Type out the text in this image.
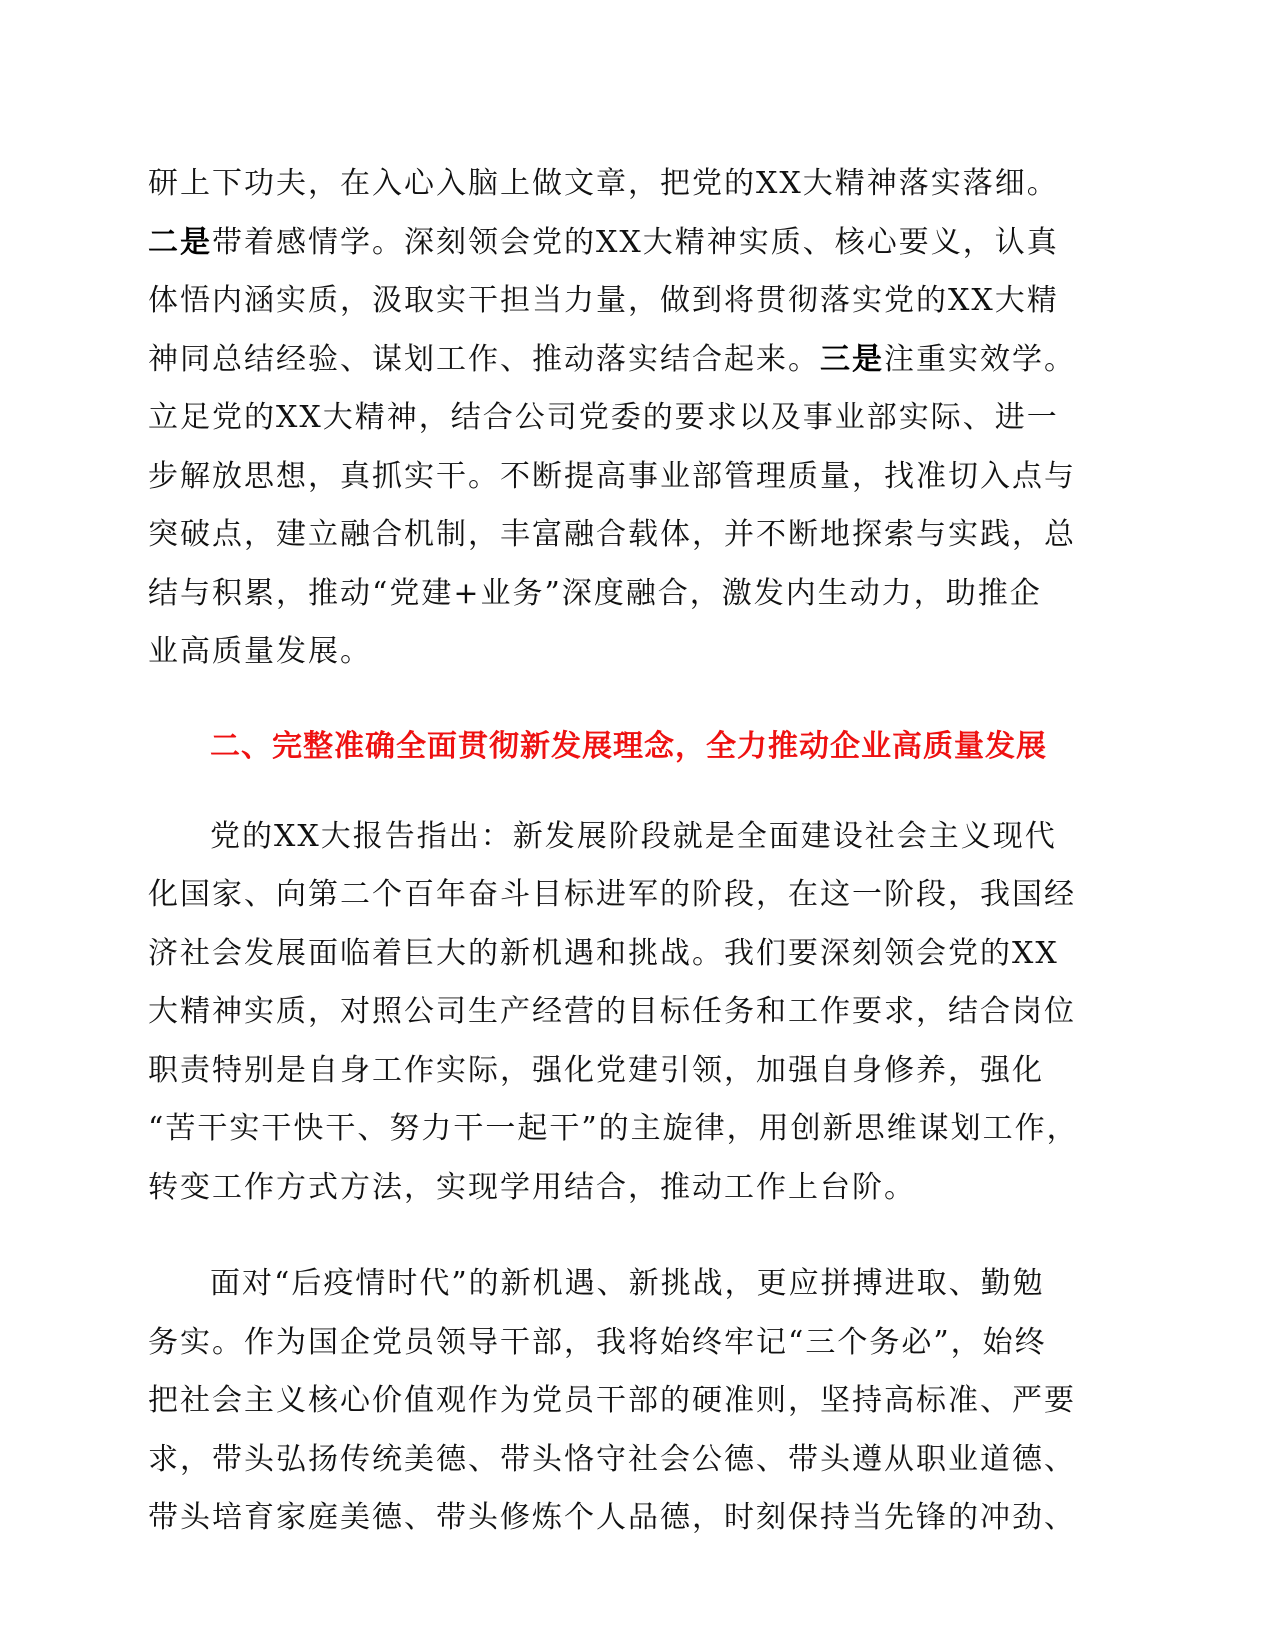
研上下功夫，在入心入脑上做文章，把党的XX大精神落实落细。
二是带着感情学。深刻领会党的XX大精神实质、核心要义，认真
体悟内涵实质，汲取实干担当力量，做到将贯彻落实党的XX大精
神同总结经验、谋划工作、推动落实结合起来。三是注重实效学。
立足党的XX大精神，结合公司党委的要求以及事业部实际、进一
步解放思想，真抓实干。不断提高事业部管理质量，找准切入点与
突破点，建立融合机制，丰富融合载体，并不断地探索与实践，总
结与积累，推动“党建+业务”深度融合，激发内生动力，助推企
业高质量发展。

二、完整准确全面贯彻新发展理念，全力推动企业高质量发展

党的XX大报告指出：新发展阶段就是全面建设社会主义现代
化国家、向第二个百年奋斗目标进军的阶段，在这一阶段，我国经
济社会发展面临着巨大的新机遇和挑战。我们要深刻领会党的XX
大精神实质，对照公司生产经营的目标任务和工作要求，结合岗位
职责特别是自身工作实际，强化党建引领，加强自身修养，强化
“苦干实干快干、努力干一起干”的主旋律，用创新思维谋划工作，
转变工作方式方法，实现学用结合，推动工作上台阶。

面对“后疫情时代”的新机遇、新挑战，更应拼搏进取、勤勉
务实。作为国企党员领导干部，我将始终牢记“三个务必”，始终
把社会主义核心价值观作为党员干部的硬准则，坚持高标准、严要
求，带头弘扬传统美德、带头恪守社会公德、带头遵从职业道德、
带头培育家庭美德、带头修炼个人品德，时刻保持当先锋的冲劲、
